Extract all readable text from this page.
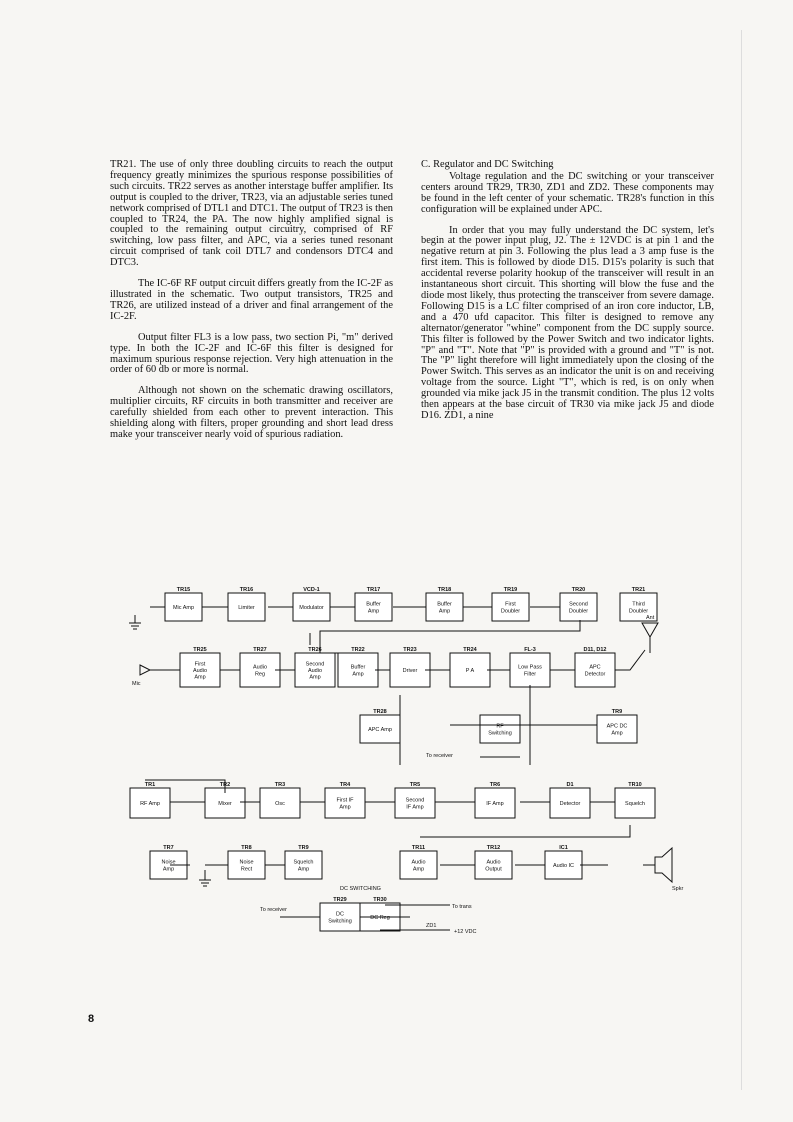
TR21. The use of only three doubling circuits to reach the output frequency greatly minimizes the spurious response possibilities of such circuits. TR22 serves as another interstage buffer amplifier. Its output is coupled to the driver, TR23, via an adjustable series tuned network comprised of DTL1 and DTC1. The output of TR23 is then coupled to TR24, the PA. The now highly amplified signal is coupled to the remaining output circuitry, comprised of RF switching, low pass filter, and APC, via a series tuned resonant circuit comprised of tank coil DTL7 and condensors DTC4 and DTC3.

The IC-6F RF output circuit differs greatly from the IC-2F as illustrated in the schematic. Two output transistors, TR25 and TR26, are utilized instead of a driver and final arrangement of the IC-2F.

Output filter FL3 is a low pass, two section Pi, "m" derived type. In both the IC-2F and IC-6F this filter is designed for maximum spurious response rejection. Very high attenuation in the order of 60 db or more is normal.

Although not shown on the schematic drawing oscillators, multiplier circuits, RF circuits in both transmitter and receiver are carefully shielded from each other to prevent interaction. This shielding along with filters, proper grounding and short lead dress make your transceiver nearly void of spurious radiation.

C. Regulator and DC Switching

Voltage regulation and the DC switching or your transceiver centers around TR29, TR30, ZD1 and ZD2. These components may be found in the left center of your schematic. TR28's function in this configuration will be explained under APC.

In order that you may fully understand the DC system, let's begin at the power input plug, J2. The ± 12VDC is at pin 1 and the negative return at pin 3. Following the plus lead a 3 amp fuse is the first item. This is followed by diode D15. D15's polarity is such that accidental reverse polarity hookup of the transceiver will result in an instantaneous short circuit. This shorting will blow the fuse and the diode most likely, thus protecting the transceiver from severe damage. Following D15 is a LC filter comprised of an iron core inductor, LB, and a 470 ufd capacitor. This filter is designed to remove any alternator/generator "whine" component from the DC supply source. This filter is followed by the Power Switch and two indicator lights. "P" and "T". Note that "P" is provided with a ground and "T" is not. The "P" light therefore will light immediately upon the closing of the Power Switch. This serves as an indicator the unit is on and receiving voltage from the source. Light "T", which is red, is on only when grounded via mike jack J5 in the transmit condition. The plus 12 volts then appears at the base circuit of TR30 via mike jack J5 and diode D16. ZD1, a nine

TR15
Mic Amp
TR16
Limiter
VCD-1
Modulator
TR17
Buffer
Amp
TR18
Buffer
Amp
TR19
First
Doubler
TR20
Second
Doubler
TR21
Third
Doubler
TR25
First
Audio
Amp
TR27
Audio
Reg
TR26
Second
Audio
Amp
TR22
Buffer
Amp
TR23
Driver
TR24
P A
FL-3
Low Pass
Filter
D11, D12
APC
Detector
TR28
APC Amp
TR9
APC DC
Amp
RF
Switching
TR1
RF Amp
TR2
Mixer
TR3
Osc
TR4
First IF
Amp
TR5
Second
IF Amp
TR6
IF Amp
D1
Detector
TR10
Squelch
TR7
Noise
Amp
TR8
Noise
Rect
TR9
Squelch
Amp
TR11
Audio
Amp
TR12
Audio
Output
IC1
Audio IC
TR29
DC
Switching
TR30
DC Reg
Ant
Mic
Spkr
To receiver
DC SWITCHING
To receiver	To trans
ZD1
+12 VDC
8
